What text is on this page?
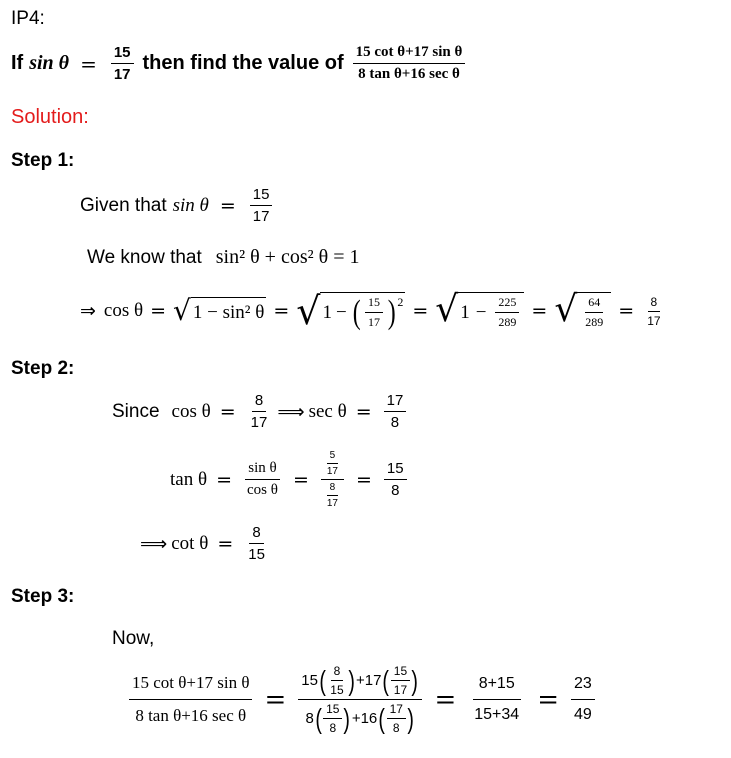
IP4:
If $\sin \theta = \frac{15}{17}$ then find the value of $\frac{\text{15 cot θ+17 sin θ}}{\text{8 tan θ+16 sec θ}}$
Solution:
Step 1:
Given that $\sin \theta = \frac{15}{17}$
We know that sin² θ + cos² θ = 1
⇒ cos θ = √ 1 − sin² θ = √ 1 − ( $\frac{15}{17} )^2$ = √ $1 - \frac{225}{289}$ = √ $\frac{64}{289} = \frac{8}{17}$
Step 2:
Since $\cos \theta = \frac{8}{17}$ ⟹ $\sec \theta = \frac{17}{8}$
$\tan \theta = \frac{\text{sin θ}}{\text{cos θ}} = \frac{\frac{5}{17}}{\frac{8}{17}} = \frac{15}{8}$
⟹ $\cot \theta = \frac{8}{15}$
Step 3:
Now,
$\frac{\text{15 cot θ+17 sin θ}}{\text{8 tan θ+16 sec θ}}$ =
15 ( $\frac{8}{15}$ ) +17 ( $\frac{15}{17}$ )
8 ( $\frac{15}{8}$ ) +16 ( $\frac{17}{8}$ )
= $\frac{8+15}{15+34} = \frac{23}{49}$
